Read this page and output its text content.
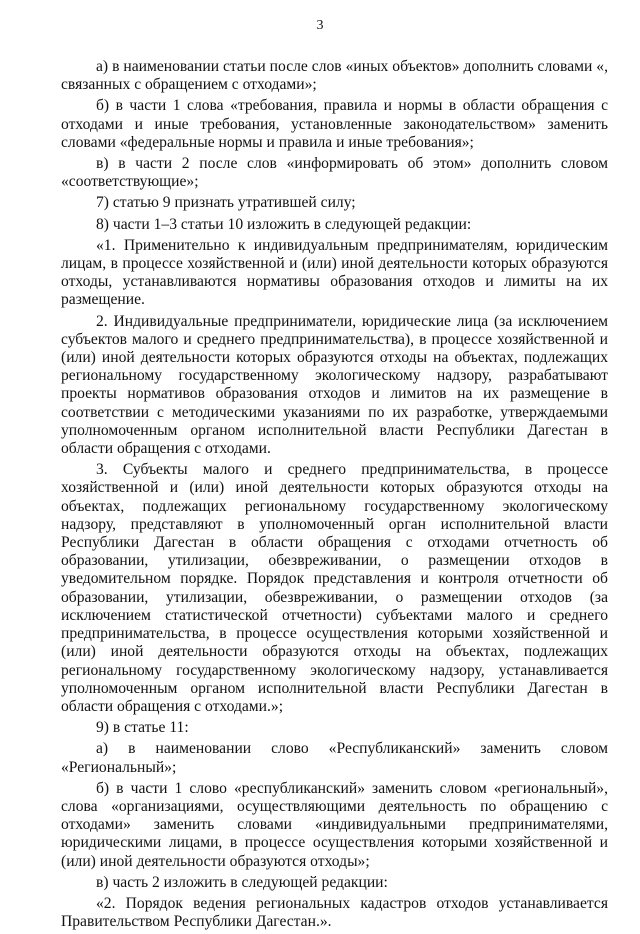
3

а) в наименовании статьи после слов «иных объектов» дополнить словами «, связанных с обращением с отходами»;

б) в части 1 слова «требования, правила и нормы в области обращения с отходами и иные требования, установленные законодательством» заменить словами «федеральные нормы и правила и иные требования»;

в) в части 2 после слов «информировать об этом» дополнить словом «соответствующие»;

7) статью 9 признать утратившей силу;

8) части 1–3 статьи 10 изложить в следующей редакции:

«1. Применительно к индивидуальным предпринимателям, юридическим лицам, в процессе хозяйственной и (или) иной деятельности которых образуются отходы, устанавливаются нормативы образования отходов и лимиты на их размещение.

2. Индивидуальные предприниматели, юридические лица (за исключением субъектов малого и среднего предпринимательства), в процессе хозяйственной и (или) иной деятельности которых образуются отходы на объектах, подлежащих региональному государственному экологическому надзору, разрабатывают проекты нормативов образования отходов и лимитов на их размещение в соответствии с методическими указаниями по их разработке, утверждаемыми уполномоченным органом исполнительной власти Республики Дагестан в области обращения с отходами.

3. Субъекты малого и среднего предпринимательства, в процессе хозяйственной и (или) иной деятельности которых образуются отходы на объектах, подлежащих региональному государственному экологическому надзору, представляют в уполномоченный орган исполнительной власти Республики Дагестан в области обращения с отходами отчетность об образовании, утилизации, обезвреживании, о размещении отходов в уведомительном порядке. Порядок представления и контроля отчетности об образовании, утилизации, обезвреживании, о размещении отходов (за исключением статистической отчетности) субъектами малого и среднего предпринимательства, в процессе осуществления которыми хозяйственной и (или) иной деятельности образуются отходы на объектах, подлежащих региональному государственному экологическому надзору, устанавливается уполномоченным органом исполнительной власти Республики Дагестан в области обращения с отходами.»;

9) в статье 11:

а) в наименовании слово «Республиканский» заменить словом «Региональный»;

б) в части 1 слово «республиканский» заменить словом «региональный», слова «организациями, осуществляющими деятельность по обращению с отходами» заменить словами «индивидуальными предпринимателями, юридическими лицами, в процессе осуществления которыми хозяйственной и (или) иной деятельности образуются отходы»;

в) часть 2 изложить в следующей редакции:

«2. Порядок ведения региональных кадастров отходов устанавливается Правительством Республики Дагестан.».
